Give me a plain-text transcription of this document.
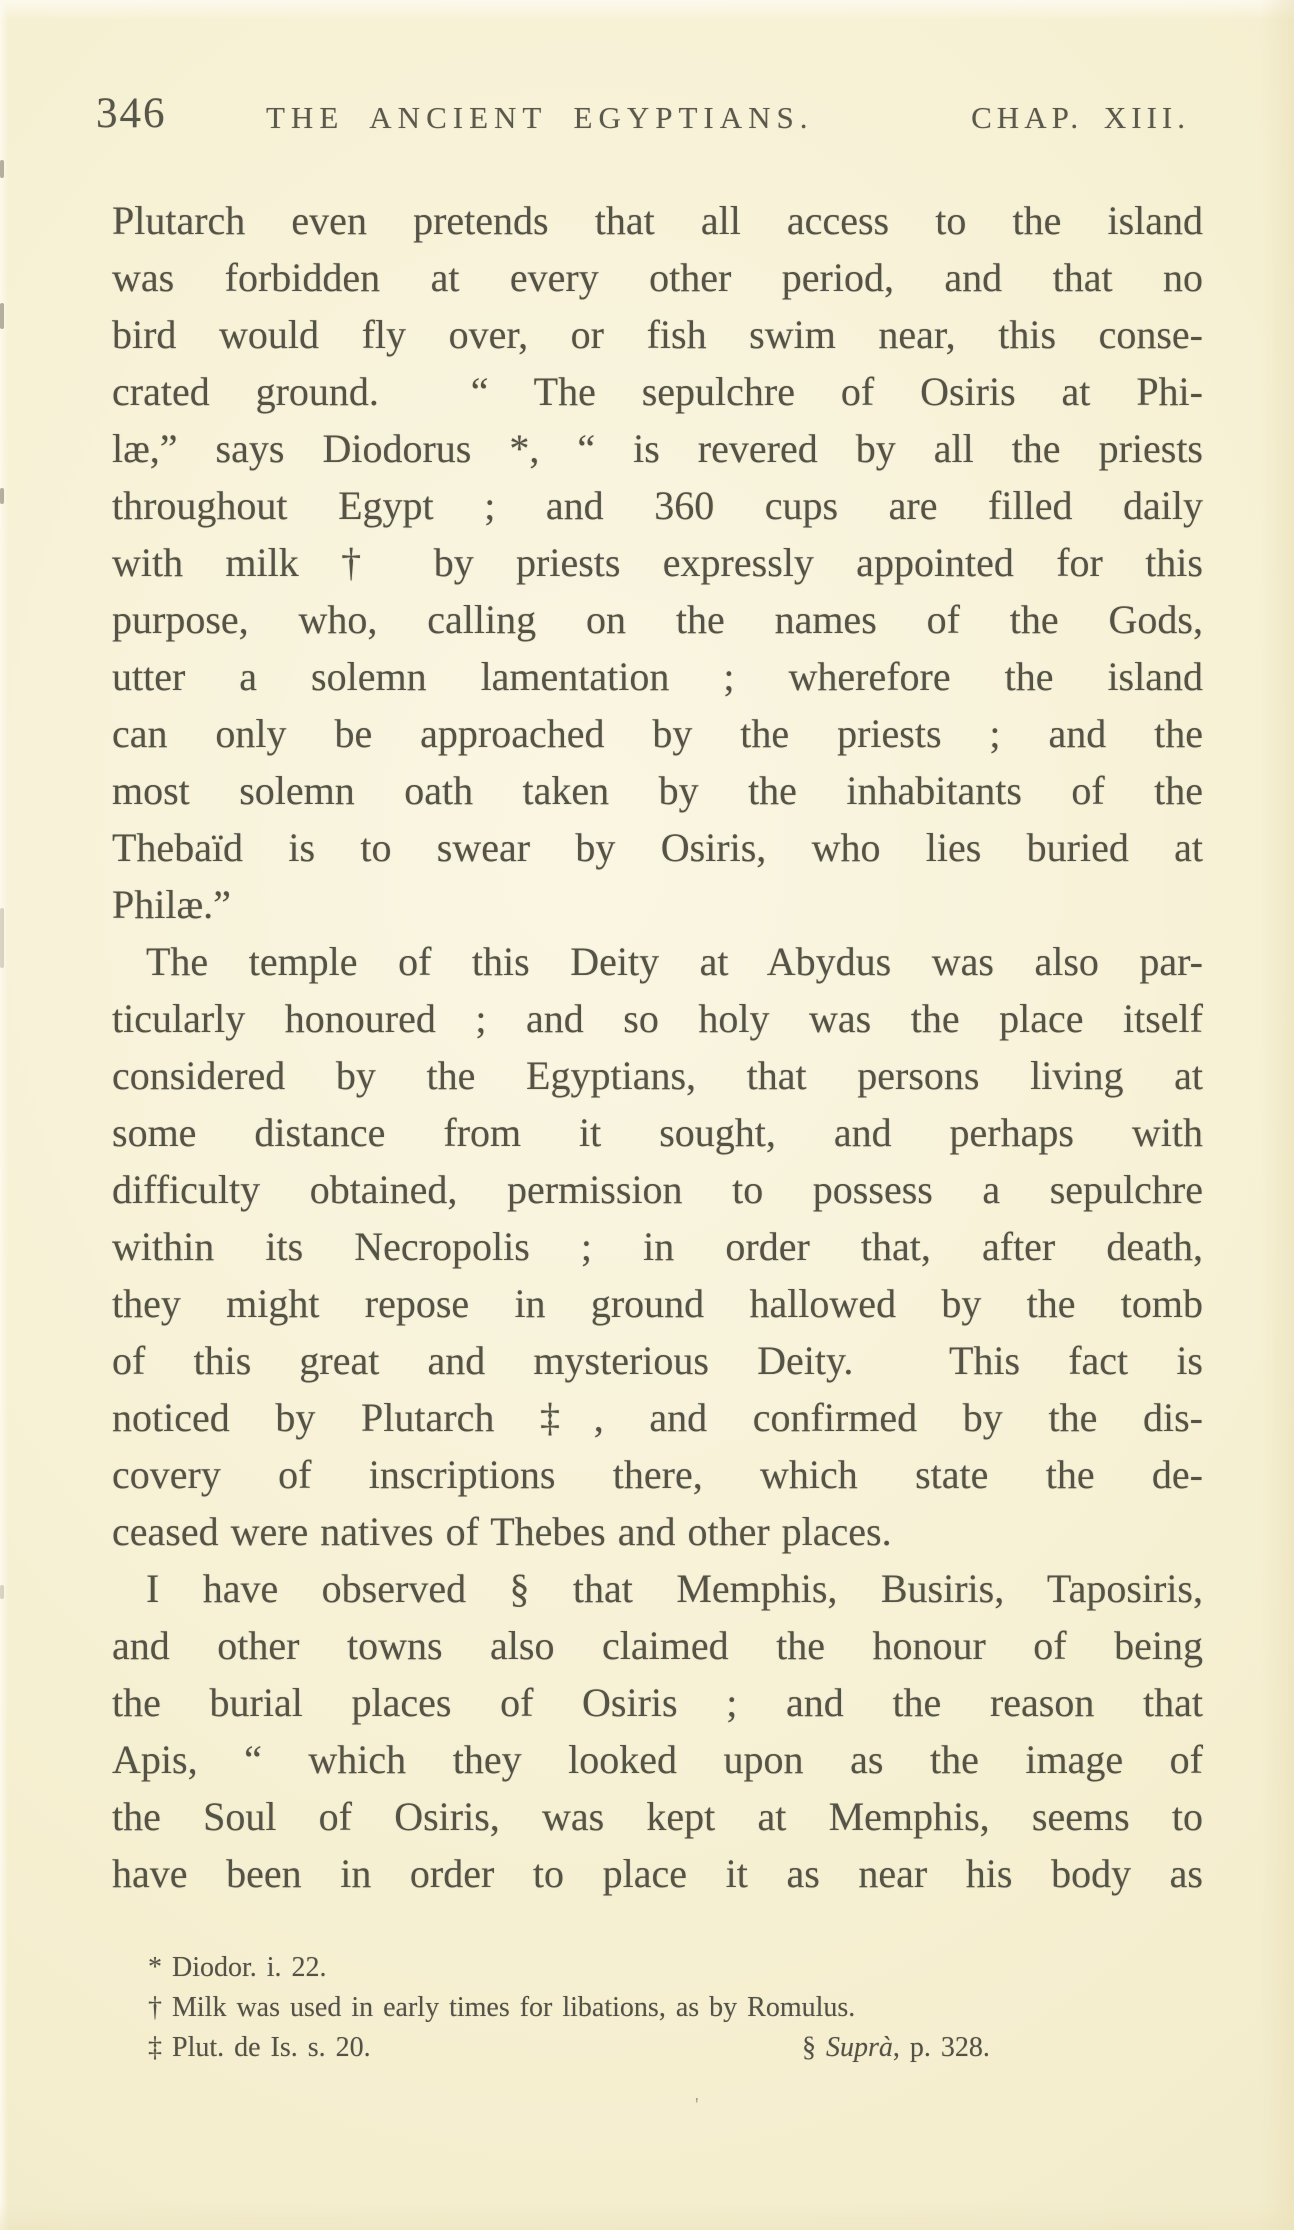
'
346	THE ANCIENT EGYPTIANS.	CHAP. XIII.
Plutarch even pretends that all access to the island
was forbidden at every other period, and that no
bird would fly over, or fish swim near, this conse-
crated ground.  “ The sepulchre of Osiris at Phi-
læ,” says Diodorus *, “ is revered by all the priests
throughout Egypt ; and 360 cups are filled daily
with milk † by priests expressly appointed for this
purpose, who, calling on the names of the Gods,
utter a solemn lamentation ; wherefore the island
can only be approached by the priests ; and the
most solemn oath taken by the inhabitants of the
Thebaïd is to swear by Osiris, who lies buried at
Philæ.”
The temple of this Deity at Abydus was also par-
ticularly honoured ; and so holy was the place itself
considered by the Egyptians, that persons living at
some distance from it sought, and perhaps with
difficulty obtained, permission to possess a sepulchre
within its Necropolis ; in order that, after death,
they might repose in ground hallowed by the tomb
of this great and mysterious Deity.  This fact is
noticed by Plutarch ‡, and confirmed by the dis-
covery of inscriptions there, which state the de-
ceased were natives of Thebes and other places.
I have observed § that Memphis, Busiris, Taposiris,
and other towns also claimed the honour of being
the burial places of Osiris ; and the reason that
Apis, “ which they looked upon as the image of
the Soul of Osiris, was kept at Memphis, seems to
have been in order to place it as near his body as
* Diodor. i. 22.
† Milk was used in early times for libations, as by Romulus.
‡ Plut. de Is. s. 20.	§ Suprà, p. 328.
